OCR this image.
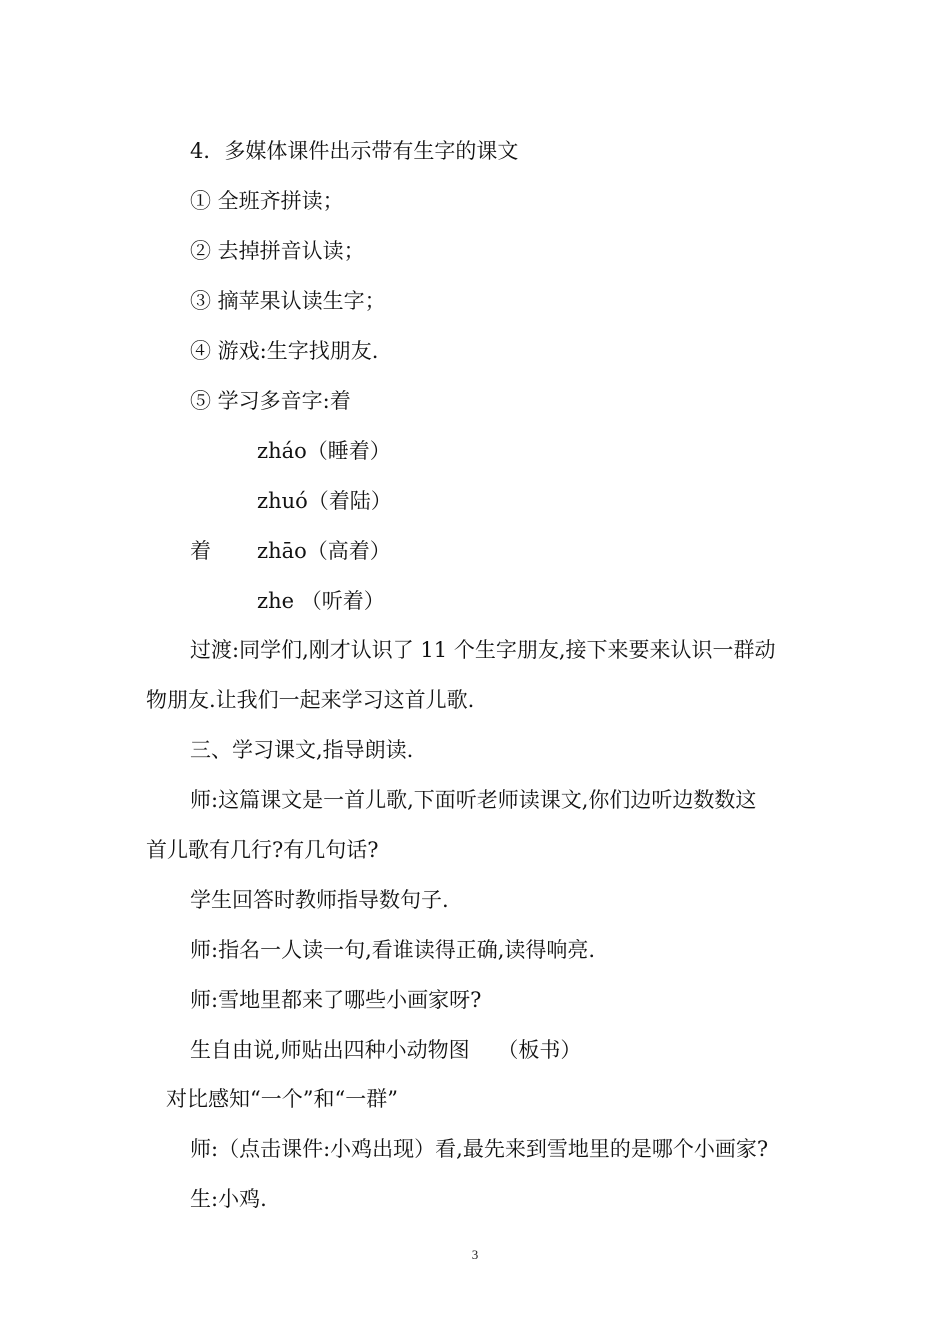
4．多媒体课件出示带有生字的课文
① 全班齐拼读；
② 去掉拼音认读；
③ 摘苹果认读生字；
④ 游戏:生字找朋友.
⑤ 学习多音字:着
zháo（睡着）
zhuó（着陆）
着 zhāo（高着）
zhe （听着）
过渡:同学们,刚才认识了 11 个生字朋友,接下来要来认识一群动
物朋友.让我们一起来学习这首儿歌.
三、学习课文,指导朗读.
师:这篇课文是一首儿歌,下面听老师读课文,你们边听边数数这
首儿歌有几行?有几句话?
学生回答时教师指导数句子.
师:指名一人读一句,看谁读得正确,读得响亮.
师:雪地里都来了哪些小画家呀?
生自由说,师贴出四种小动物图　 （板书）
对比感知“一个”和“一群”
师:（点击课件:小鸡出现）看,最先来到雪地里的是哪个小画家?
生:小鸡.
3
